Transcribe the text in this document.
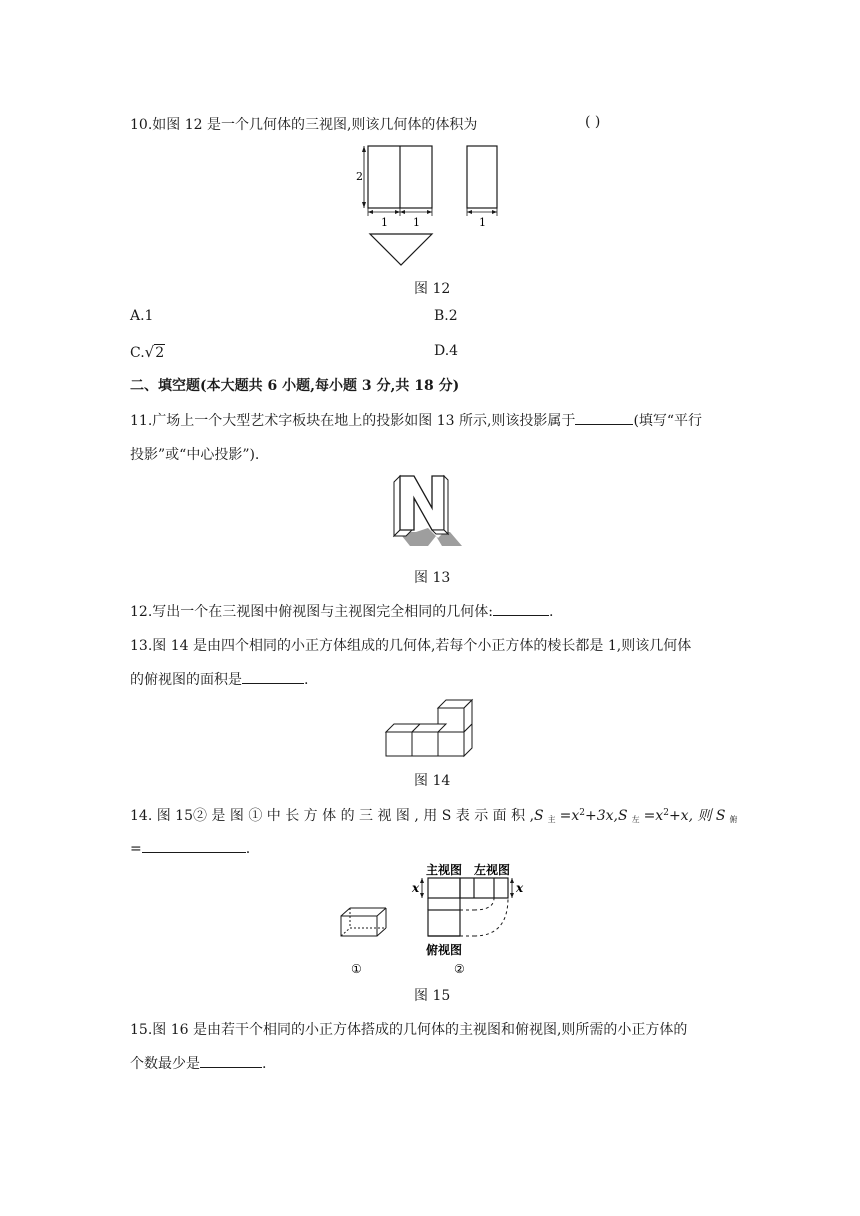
10.如图 12 是一个几何体的三视图,则该几何体的体积为	( )
2
1 1	1
图 12
A.1	B.2
C.√2	D.4
二、填空题(本大题共 6 小题,每小题 3 分,共 18 分)
11.广场上一个大型艺术字板块在地上的投影如图 13 所示,则该投影属于	(填写“平行
投影”或“中心投影”).
图 13
12.写出一个在三视图中俯视图与主视图完全相同的几何体:	.
13.图 14 是由四个相同的小正方体组成的几何体,若每个小正方体的棱长都是 1,则该几何体
的俯视图的面积是	.
图 14
14. 图 15② 是 图 ① 中 长 方 体 的 三 视 图 , 用 S 表 示 面 积 ,S $_主 =x^2+3x,S$ $_左 =x^2+x$, 则 S $_俯$
=	.
①
主视图 左视图
x	x
俯视图
②
图 15
15.图 16 是由若干个相同的小正方体搭成的几何体的主视图和俯视图,则所需的小正方体的
个数最少是	.
